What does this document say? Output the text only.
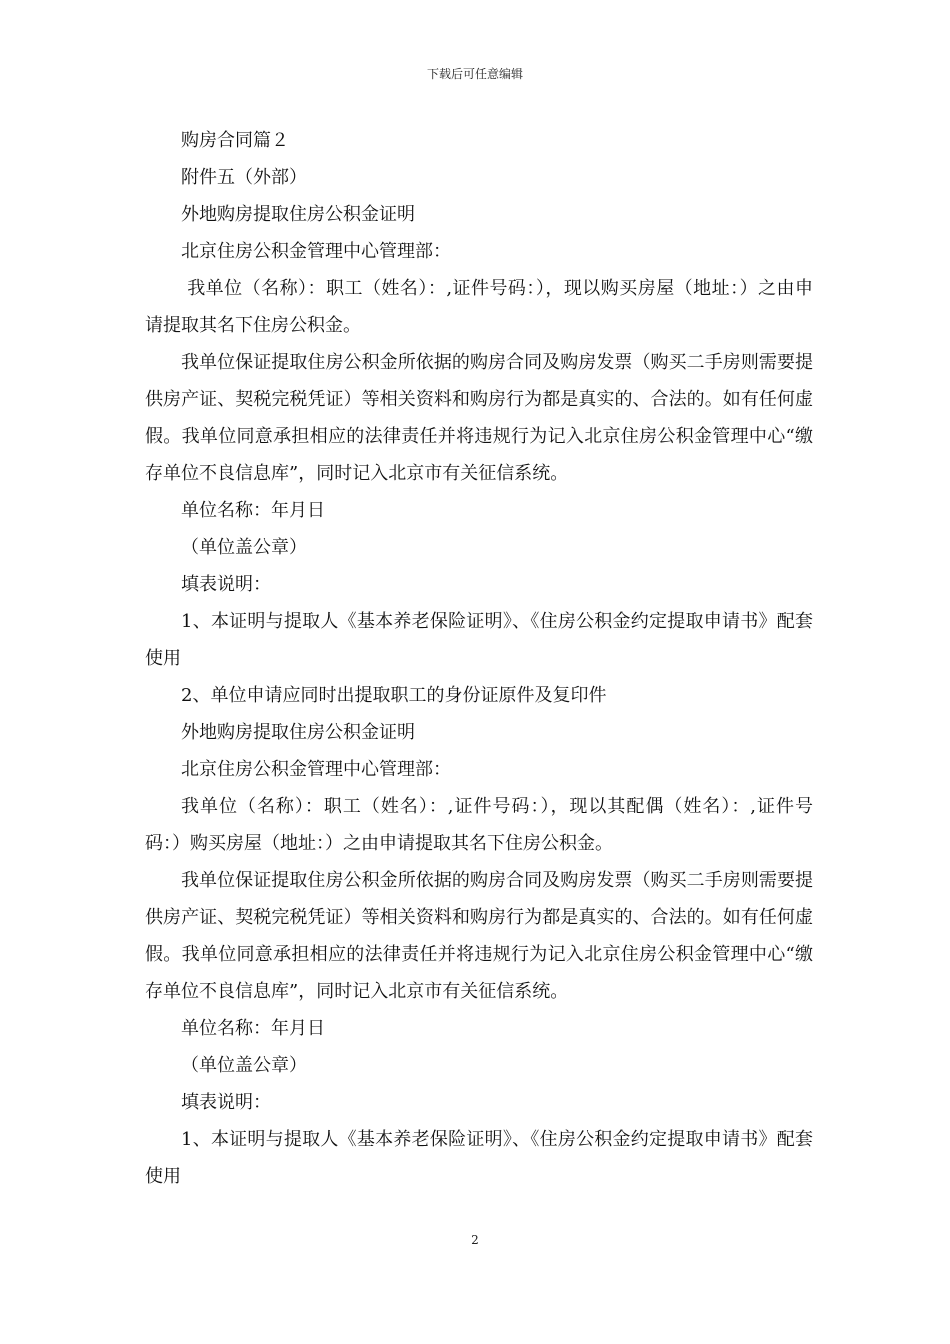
下载后可任意编辑

购房合同篇２

附件五（外部）

外地购房提取住房公积金证明

北京住房公积金管理中心管理部：

我单位（名称）：职工（姓名）：,证件号码：），现以购买房屋（地址：）之由申请提取其名下住房公积金。

我单位保证提取住房公积金所依据的购房合同及购房发票（购买二手房则需要提供房产证、契税完税凭证）等相关资料和购房行为都是真实的、合法的。如有任何虚假。我单位同意承担相应的法律责任并将违规行为记入北京住房公积金管理中心“缴存单位不良信息库”，同时记入北京市有关征信系统。

单位名称：年月日

（单位盖公章）

填表说明：

1、本证明与提取人《基本养老保险证明》、《住房公积金约定提取申请书》配套使用

2、单位申请应同时出提取职工的身份证原件及复印件

外地购房提取住房公积金证明

北京住房公积金管理中心管理部：

我单位（名称）：职工（姓名）：,证件号码：），现以其配偶（姓名）：,证件号码：）购买房屋（地址：）之由申请提取其名下住房公积金。

我单位保证提取住房公积金所依据的购房合同及购房发票（购买二手房则需要提供房产证、契税完税凭证）等相关资料和购房行为都是真实的、合法的。如有任何虚假。我单位同意承担相应的法律责任并将违规行为记入北京住房公积金管理中心“缴存单位不良信息库”，同时记入北京市有关征信系统。

单位名称：年月日

（单位盖公章）

填表说明：

1、本证明与提取人《基本养老保险证明》、《住房公积金约定提取申请书》配套使用

2
